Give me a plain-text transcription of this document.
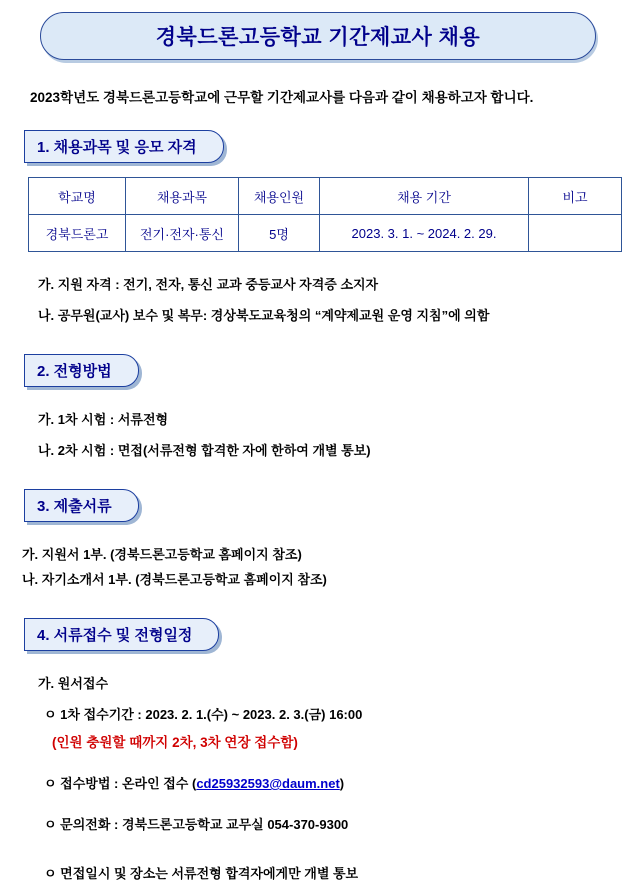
경북드론고등학교 기간제교사 채용
2023학년도 경북드론고등학교에 근무할 기간제교사를 다음과 같이 채용하고자 합니다.
1. 채용과목 및 응모 자격
학교명	채용과목	채용인원	채용 기간	비고
경북드론고	전기·전자·통신	5명	2023. 3. 1. ~ 2024. 2. 29.	
가. 지원 자격 : 전기, 전자, 통신 교과 중등교사 자격증 소지자
나. 공무원(교사) 보수 및 복무: 경상북도교육청의 “계약제교원 운영 지침”에 의함
2. 전형방법
가. 1차 시험 : 서류전형
나. 2차 시험 : 면접(서류전형 합격한 자에 한하여 개별 통보)
3. 제출서류
가. 지원서 1부. (경북드론고등학교 홈페이지 참조)
나. 자기소개서 1부. (경북드론고등학교 홈페이지 참조)
4. 서류접수 및 전형일정
가. 원서접수
ㅇ 1차 접수기간 : 2023. 2. 1.(수) ~ 2023. 2. 3.(금) 16:00
(인원 충원할 때까지 2차, 3차 연장 접수함)
ㅇ 접수방법 : 온라인 접수 (cd25932593@daum.net)
ㅇ 문의전화 : 경북드론고등학교 교무실 054-370-9300
ㅇ 면접일시 및 장소는 서류전형 합격자에게만 개별 통보
